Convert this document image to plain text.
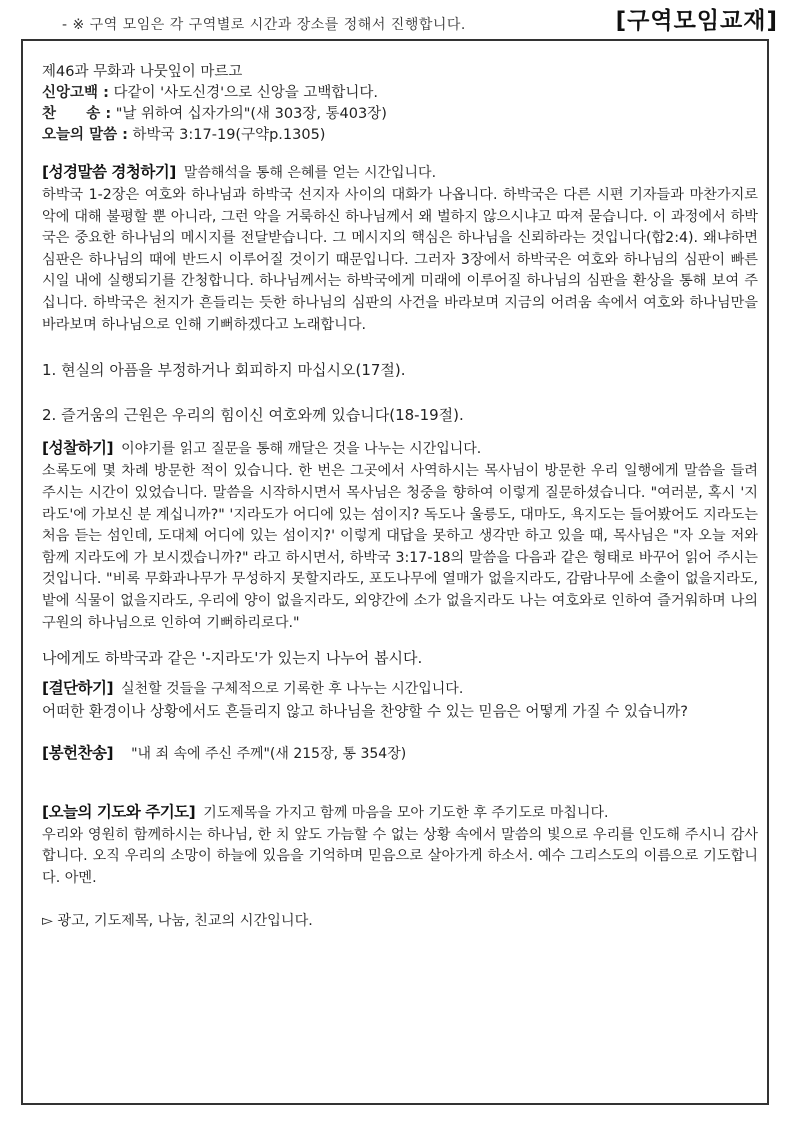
- ※ 구역 모임은 각 구역별로 시간과 장소를 정해서 진행합니다.	[구역모임교재]
제46과 무화과 나뭇잎이 마르고
신앙고백 : 다같이 '사도신경'으로 신앙을 고백합니다.
찬      송 : "날 위하여 십자가의"(새 303장, 통403장)
오늘의 말씀 : 하박국 3:17-19(구약p.1305)
[성경말씀 경청하기] 말씀해석을 통해 은혜를 얻는 시간입니다.

하박국 1-2장은 여호와 하나님과 하박국 선지자 사이의 대화가 나옵니다. 하박국은 다른 시편 기자들과 마찬가지로 악에 대해 불평할 뿐 아니라, 그런 악을 거룩하신 하나님께서 왜 벌하지 않으시냐고 따져 묻습니다. 이 과정에서 하박국은 중요한 하나님의 메시지를 전달받습니다. 그 메시지의 핵심은 하나님을 신뢰하라는 것입니다(합2:4). 왜냐하면 심판은 하나님의 때에 반드시 이루어질 것이기 때문입니다. 그러자 3장에서 하박국은 여호와 하나님의 심판이 빠른 시일 내에 실행되기를 간청합니다. 하나님께서는 하박국에게 미래에 이루어질 하나님의 심판을 환상을 통해 보여 주십니다. 하박국은 천지가 흔들리는 듯한 하나님의 심판의 사건을 바라보며 지금의 어려움 속에서 여호와 하나님만을 바라보며 하나님으로 인해 기뻐하겠다고 노래합니다.

1. 현실의 아픔을 부정하거나 회피하지 마십시오(17절).
2. 즐거움의 근원은 우리의 힘이신 여호와께 있습니다(18-19절).
[성찰하기] 이야기를 읽고 질문을 통해 깨달은 것을 나누는 시간입니다.

소록도에 몇 차례 방문한 적이 있습니다. 한 번은 그곳에서 사역하시는 목사님이 방문한 우리 일행에게 말씀을 들려주시는 시간이 있었습니다. 말씀을 시작하시면서 목사님은 청중을 향하여 이렇게 질문하셨습니다. "여러분, 혹시 '지라도'에 가보신 분 계십니까?" '지라도가 어디에 있는 섬이지? 독도나 울릉도, 대마도, 욕지도는 들어봤어도 지라도는 처음 듣는 섬인데, 도대체 어디에 있는 섬이지?' 이렇게 대답을 못하고 생각만 하고 있을 때, 목사님은 "자 오늘 저와 함께 지라도에 가 보시겠습니까?" 라고 하시면서, 하박국 3:17-18의 말씀을 다음과 같은 형태로 바꾸어 읽어 주시는 것입니다. "비록 무화과나무가 무성하지 못할지라도, 포도나무에 열매가 없을지라도, 감람나무에 소출이 없을지라도, 밭에 식물이 없을지라도, 우리에 양이 없을지라도, 외양간에 소가 없을지라도 나는 여호와로 인하여 즐거워하며 나의 구원의 하나님으로 인하여 기뻐하리로다."

나에게도 하박국과 같은 '-지라도'가 있는지 나누어 봅시다.
[결단하기] 실천할 것들을 구체적으로 기록한 후 나누는 시간입니다.
어떠한 환경이나 상황에서도 흔들리지 않고 하나님을 찬양할 수 있는 믿음은 어떻게 가질 수 있습니까?
[봉헌찬송] "내 죄 속에 주신 주께"(새 215장, 통 354장)
[오늘의 기도와 주기도] 기도제목을 가지고 함께 마음을 모아 기도한 후 주기도로 마칩니다.

우리와 영원히 함께하시는 하나님, 한 치 앞도 가늠할 수 없는 상황 속에서 말씀의 빛으로 우리를 인도해 주시니 감사합니다. 오직 우리의 소망이 하늘에 있음을 기억하며 믿음으로 살아가게 하소서. 예수 그리스도의 이름으로 기도합니다. 아멘.

▻ 광고, 기도제목, 나눔, 친교의 시간입니다.
